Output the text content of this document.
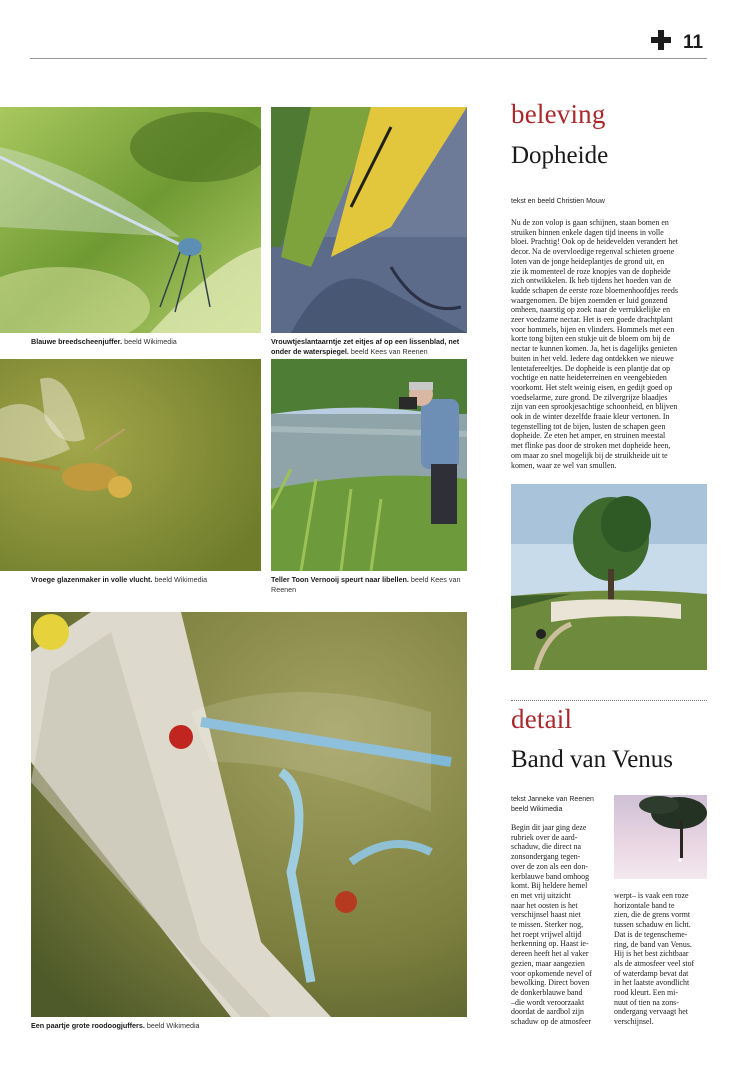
11
Blauwe breedscheenjuffer. beeld Wikimedia	Vrouwtjeslantaarntje zet eitjes af op een lissenblad, net onder de waterspiegel. beeld Kees van Reenen
Vroege glazenmaker in volle vlucht. beeld Wikimedia	Teller Toon Vernooij speurt naar libellen. beeld Kees van Reenen
Een paartje grote roodoogjuffers. beeld Wikimedia
beleving
Dopheide
tekst en beeld Christien Mouw
Nu de zon volop is gaan schijnen, staan bomen en
struiken binnen enkele dagen tijd ineens in volle
bloei. Prachtig! Ook op de heidevelden verandert het
decor. Na de overvloedige regenval schieten groene
loten van de jonge heideplantjes de grond uit, en
zie ik momenteel de roze knopjes van de dopheide
zich ontwikkelen. Ik heb tijdens het hoeden van de
kudde schapen de eerste roze bloemenhoofdjes reeds
waargenomen. De bijen zoemden er luid gonzend
omheen, naarstig op zoek naar de verrukkelijke en
zeer voedzame nectar. Het is een goede drachtplant
voor hommels, bijen en vlinders. Hommels met een
korte tong bijten een stukje uit de bloem om bij de
nectar te kunnen komen. Ja, het is dagelijks genieten
buiten in het veld. Iedere dag ontdekken we nieuwe
lentetafereeltjes. De dopheide is een plantje dat op
vochtige en natte heideterreinen en veengebieden
voorkomt. Het stelt weinig eisen, en gedijt goed op
voedselarme, zure grond. De zilvergrijze blaadjes
zijn van een sprookjesachtige schoonheid, en blijven
ook in de winter dezelfde fraaie kleur vertonen. In
tegenstelling tot de bijen, lusten de schapen geen
dopheide. Ze eten het amper, en struinen meestal
met flinke pas door de stroken met dopheide heen,
om maar zo snel mogelijk bij de struikheide uit te
komen, waar ze wel van smullen.
detail
Band van Venus
tekst Janneke van Reenen
beeld Wikimedia
Begin dit jaar ging deze
rubriek over de aard-
schaduw, die direct na
zonsondergang tegen-
over de zon als een don-
kerblauwe band omhoog
komt. Bij heldere hemel
en met vrij uitzicht
naar het oosten is het
verschijnsel haast niet
te missen. Sterker nog,
het roept vrijwel altijd
herkenning op. Haast ie-
dereen heeft het al vaker
gezien, maar aangezien
voor opkomende nevel of
bewolking. Direct boven
de donkerblauwe band
–die wordt veroorzaakt
doordat de aardbol zijn
schaduw op de atmosfeer
werpt– is vaak een roze
horizontale band te
zien, die de grens vormt
tussen schaduw en licht.
Dat is de tegenscheme-
ring, de band van Venus.
Hij is het best zichtbaar
als de atmosfeer veel stof
of waterdamp bevat dat
in het laatste avondlicht
rood kleurt. Een mi-
nuut of tien na zons-
ondergang vervaagt het
verschijnsel.
